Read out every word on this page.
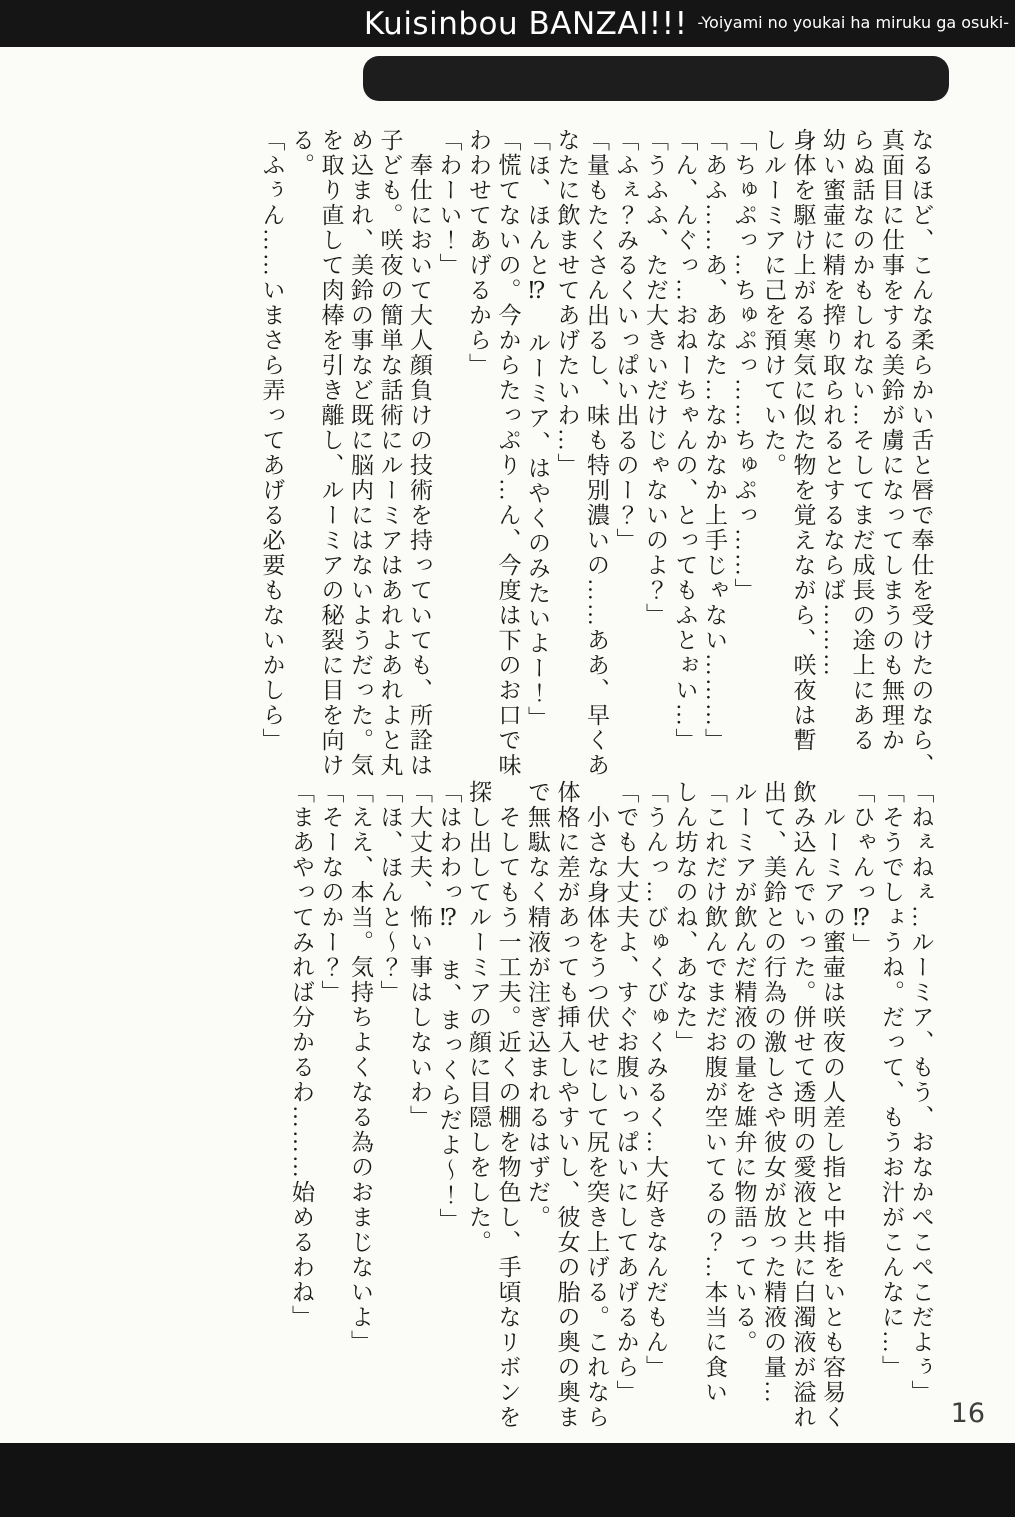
Kuisinbou BANZAI!!! -Yoiyami no youkai ha miruku ga osuki-

なるほど、こんな柔らかい舌と唇で奉仕を受けたのなら、

真面目に仕事をする美鈴が虜になってしまうのも無理か

らぬ話なのかもしれない…そしてまだ成長の途上にある

幼い蜜壷に精を搾り取られるとするならば………

身体を駆け上がる寒気に似た物を覚えながら、咲夜は暫

しルーミアに己を預けていた。

「ちゅぷっ…ちゅぷっ……ちゅぷっ……」

「あふ……あ、あなた…なかなか上手じゃない………」

「ん、んぐっ…おねーちゃんの、とってもふとぉい…」

「うふふ、ただ大きいだけじゃないのよ？」

「ふぇ？みるくいっぱい出るのー？」

「量もたくさん出るし、味も特別濃いの……ああ、早くあ

なたに飲ませてあげたいわ…」

「ほ、ほんと⁉　ルーミア、はやくのみたいよー！」

「慌てないの。今からたっぷり…ん、今度は下のお口で味

わわせてあげるから」

「わーい！」

　奉仕において大人顔負けの技術を持っていても、所詮は

子ども。咲夜の簡単な話術にルーミアはあれよあれよと丸

め込まれ、美鈴の事など既に脳内にはないようだった。気

を取り直して肉棒を引き離し、ルーミアの秘裂に目を向け

る。

「ふぅん……いまさら弄ってあげる必要もないかしら」

「ねぇねぇ…ルーミア、もう、おなかぺこぺこだよぅ」

「そうでしょうね。だって、もうお汁がこんなに…」

「ひゃんっ⁉」

　ルーミアの蜜壷は咲夜の人差し指と中指をいとも容易く

飲み込んでいった。併せて透明の愛液と共に白濁液が溢れ

出て、美鈴との行為の激しさや彼女が放った精液の量…

ルーミアが飲んだ精液の量を雄弁に物語っている。

「これだけ飲んでまだお腹が空いてるの？…本当に食い

しん坊なのね、あなた」

「うんっ…びゅくびゅくみるく…大好きなんだもん」

「でも大丈夫よ、すぐお腹いっぱいにしてあげるから」

　小さな身体をうつ伏せにして尻を突き上げる。これなら

体格に差があっても挿入しやすいし、彼女の胎の奥の奥ま

で無駄なく精液が注ぎ込まれるはずだ。

　そしてもう一工夫。近くの棚を物色し、手頃なリボンを

探し出してルーミアの顔に目隠しをした。

「はわわっ⁉　ま、まっくらだよ～！」

「大丈夫、怖い事はしないわ」

「ほ、ほんと～？」

「ええ、本当。気持ちよくなる為のおまじないよ」

「そーなのかー？」

「まあやってみれば分かるわ………始めるわね」

16
